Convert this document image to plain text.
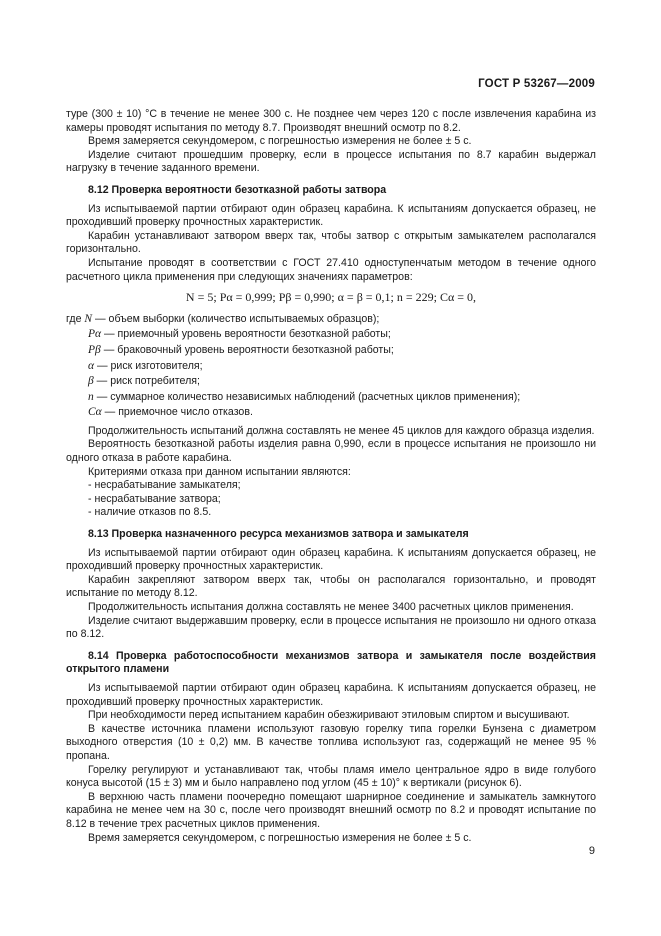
ГОСТ Р 53267—2009

туре (300 ± 10) °С в течение не менее 300 с. Не позднее чем через 120 с после извлечения карабина из камеры проводят испытания по методу 8.7. Производят внешний осмотр по 8.2.

Время замеряется секундомером, с погрешностью измерения не более ± 5 с.

Изделие считают прошедшим проверку, если в процессе испытания по 8.7 карабин выдержал нагрузку в течение заданного времени.

8.12 Проверка вероятности безотказной работы затвора

Из испытываемой партии отбирают один образец карабина. К испытаниям допускается образец, не проходивший проверку прочностных характеристик.

Карабин устанавливают затвором вверх так, чтобы затвор с открытым замыкателем располагался горизонтально.

Испытание проводят в соответствии с ГОСТ 27.410 одноступенчатым методом в течение одного расчетного цикла применения при следующих значениях параметров:

N = 5; Pα = 0,999; Pβ = 0,990; α = β = 0,1; n = 229; Cα = 0,

где N — объем выборки (количество испытываемых образцов);

Pα — приемочный уровень вероятности безотказной работы;

Pβ — браковочный уровень вероятности безотказной работы;

α — риск изготовителя;

β — риск потребителя;

n — суммарное количество независимых наблюдений (расчетных циклов применения);

Cα — приемочное число отказов.

Продолжительность испытаний должна составлять не менее 45 циклов для каждого образца изделия.

Вероятность безотказной работы изделия равна 0,990, если в процессе испытания не произошло ни одного отказа в работе карабина.

Критериями отказа при данном испытании являются:

- несрабатывание замыкателя;

- несрабатывание затвора;

- наличие отказов по 8.5.

8.13 Проверка назначенного ресурса механизмов затвора и замыкателя

Из испытываемой партии отбирают один образец карабина. К испытаниям допускается образец, не проходивший проверку прочностных характеристик.

Карабин закрепляют затвором вверх так, чтобы он располагался горизонтально, и проводят испытание по методу 8.12.

Продолжительность испытания должна составлять не менее 3400 расчетных циклов применения.

Изделие считают выдержавшим проверку, если в процессе испытания не произошло ни одного отказа по 8.12.

8.14 Проверка работоспособности механизмов затвора и замыкателя после воздействия открытого пламени

Из испытываемой партии отбирают один образец карабина. К испытаниям допускается образец, не проходивший проверку прочностных характеристик.

При необходимости перед испытанием карабин обезжиривают этиловым спиртом и высушивают.

В качестве источника пламени используют газовую горелку типа горелки Бунзена с диаметром выходного отверстия (10 ± 0,2) мм. В качестве топлива используют газ, содержащий не менее 95 % пропана.

Горелку регулируют и устанавливают так, чтобы пламя имело центральное ядро в виде голубого конуса высотой (15 ± 3) мм и было направлено под углом (45 ± 10)° к вертикали (рисунок 6).

В верхнюю часть пламени поочередно помещают шарнирное соединение и замыкатель замкнутого карабина не менее чем на 30 с, после чего производят внешний осмотр по 8.2 и проводят испытание по 8.12 в течение трех расчетных циклов применения.

Время замеряется секундомером, с погрешностью измерения не более ± 5 с.

9
